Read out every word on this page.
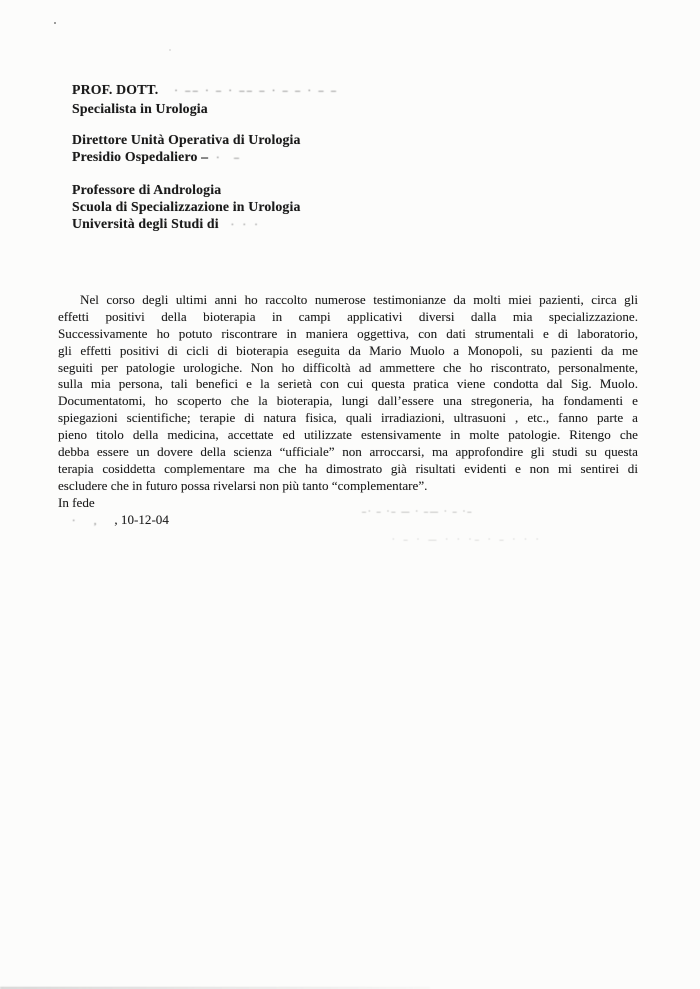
PROF. DOTT. · –– · – · –– – · – – · – –
Specialista in Urologia
Direttore Unità Operativa di Urologia
Presidio Ospedaliero – · –
Professore di Andrologia
Scuola di Specializzazione in Urologia
Università degli Studi di · · ·
Nel corso degli ultimi anni ho raccolto numerose testimonianze da molti miei pazienti, circa gli
effetti positivi della bioterapia in campi applicativi diversi dalla mia specializzazione.
Successivamente ho potuto riscontrare in maniera oggettiva, con dati strumentali e di laboratorio,
gli effetti positivi di cicli di bioterapia eseguita da Mario Muolo a Monopoli, su pazienti da me
seguiti per patologie urologiche. Non ho difficoltà ad ammettere che ho riscontrato, personalmente,
sulla mia persona, tali benefici e la serietà con cui questa pratica viene condotta dal Sig. Muolo.
Documentatomi, ho scoperto che la bioterapia, lungi dall’essere una stregoneria, ha fondamenti e
spiegazioni scientifiche; terapie di natura fisica, quali irradiazioni, ultrasuoni , etc., fanno parte a
pieno titolo della medicina, accettate ed utilizzate estensivamente in molte patologie. Ritengo che
debba essere un dovere della scienza “ufficiale” non arroccarsi, ma approfondire gli studi su questa
terapia cosiddetta complementare ma che ha dimostrato già risultati evidenti e non mi sentirei di
escludere che in futuro possa rivelarsi non più tanto “complementare”.
In fede
· , , 10-12-04
–· – ·– — · –— · – ·–
· – · — · · ·– · – · · ·
